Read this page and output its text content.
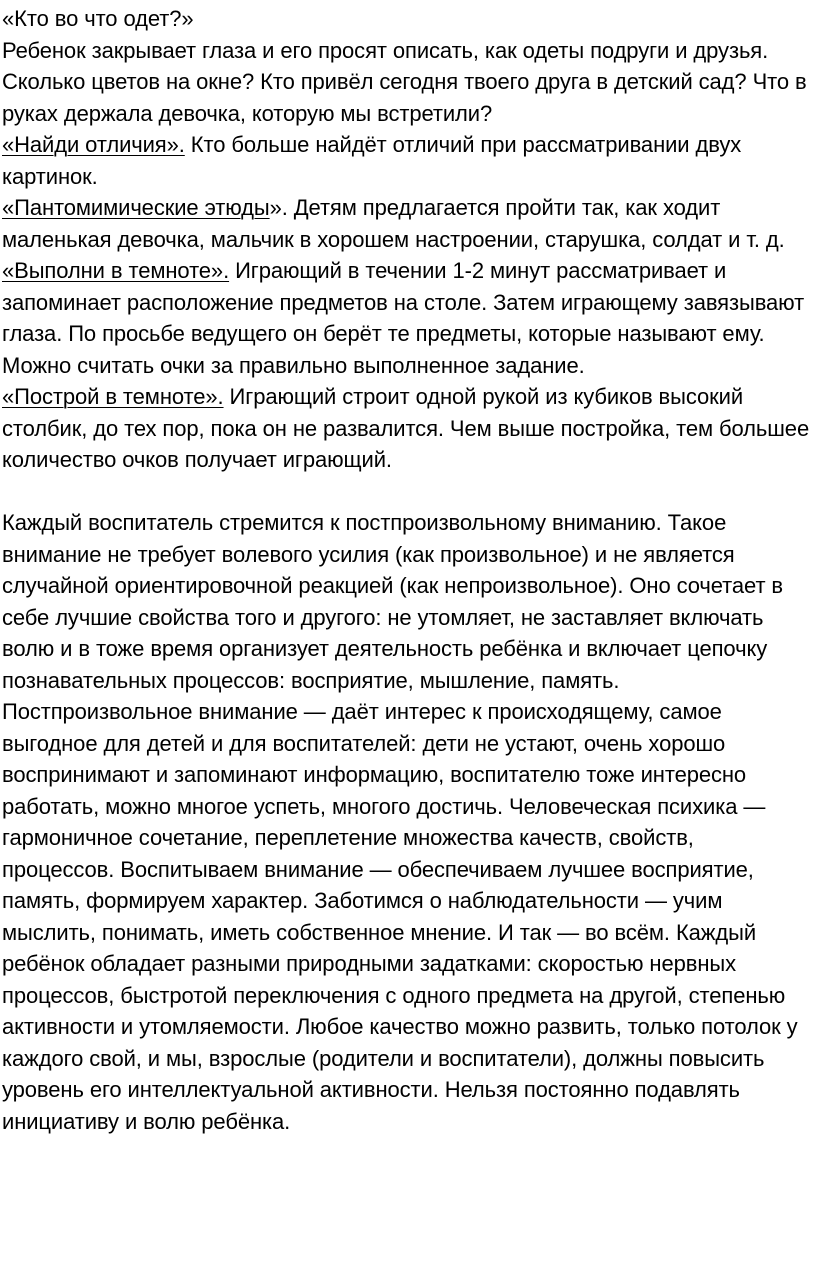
«Кто во что одет?»

Ребенок закрывает глаза и его просят описать, как одеты подруги и друзья. Сколько цветов на окне? Кто привёл сегодня твоего друга в детский сад? Что в руках держала девочка, которую мы встретили?

«Найди отличия». Кто больше найдёт отличий при рассматривании двух картинок.

«Пантомимические этюды». Детям предлагается пройти так, как ходит маленькая девочка, мальчик в хорошем настроении, старушка, солдат и т. д.

«Выполни в темноте». Играющий в течении 1-2 минут рассматривает и запоминает расположение предметов на столе. Затем играющему завязывают глаза. По просьбе ведущего он берёт те предметы, которые называют ему. Можно считать очки за правильно выполненное задание.

«Построй в темноте». Играющий строит одной рукой из кубиков высокий столбик, до тех пор, пока он не развалится. Чем выше постройка, тем большее количество очков получает играющий.

Каждый воспитатель стремится к постпроизвольному вниманию. Такое внимание не требует волевого усилия (как произвольное) и не является случайной ориентировочной реакцией (как непроизвольное). Оно сочетает в себе лучшие свойства того и другого: не утомляет, не заставляет включать волю и в тоже время организует деятельность ребёнка и включает цепочку познавательных процессов: восприятие, мышление, память. Постпроизвольное внимание — даёт интерес к происходящему, самое выгодное для детей и для воспитателей: дети не устают, очень хорошо воспринимают и запоминают информацию, воспитателю тоже интересно работать, можно многое успеть, многого достичь. Человеческая психика — гармоничное сочетание, переплетение множества качеств, свойств, процессов. Воспитываем внимание — обеспечиваем лучшее восприятие, память, формируем характер. Заботимся о наблюдательности — учим мыслить, понимать, иметь собственное мнение. И так — во всём. Каждый ребёнок обладает разными природными задатками: скоростью нервных процессов, быстротой переключения с одного предмета на другой, степенью активности и утомляемости. Любое качество можно развить, только потолок у каждого свой, и мы, взрослые (родители и воспитатели), должны повысить уровень его интеллектуальной активности. Нельзя постоянно подавлять инициативу и волю ребёнка.
